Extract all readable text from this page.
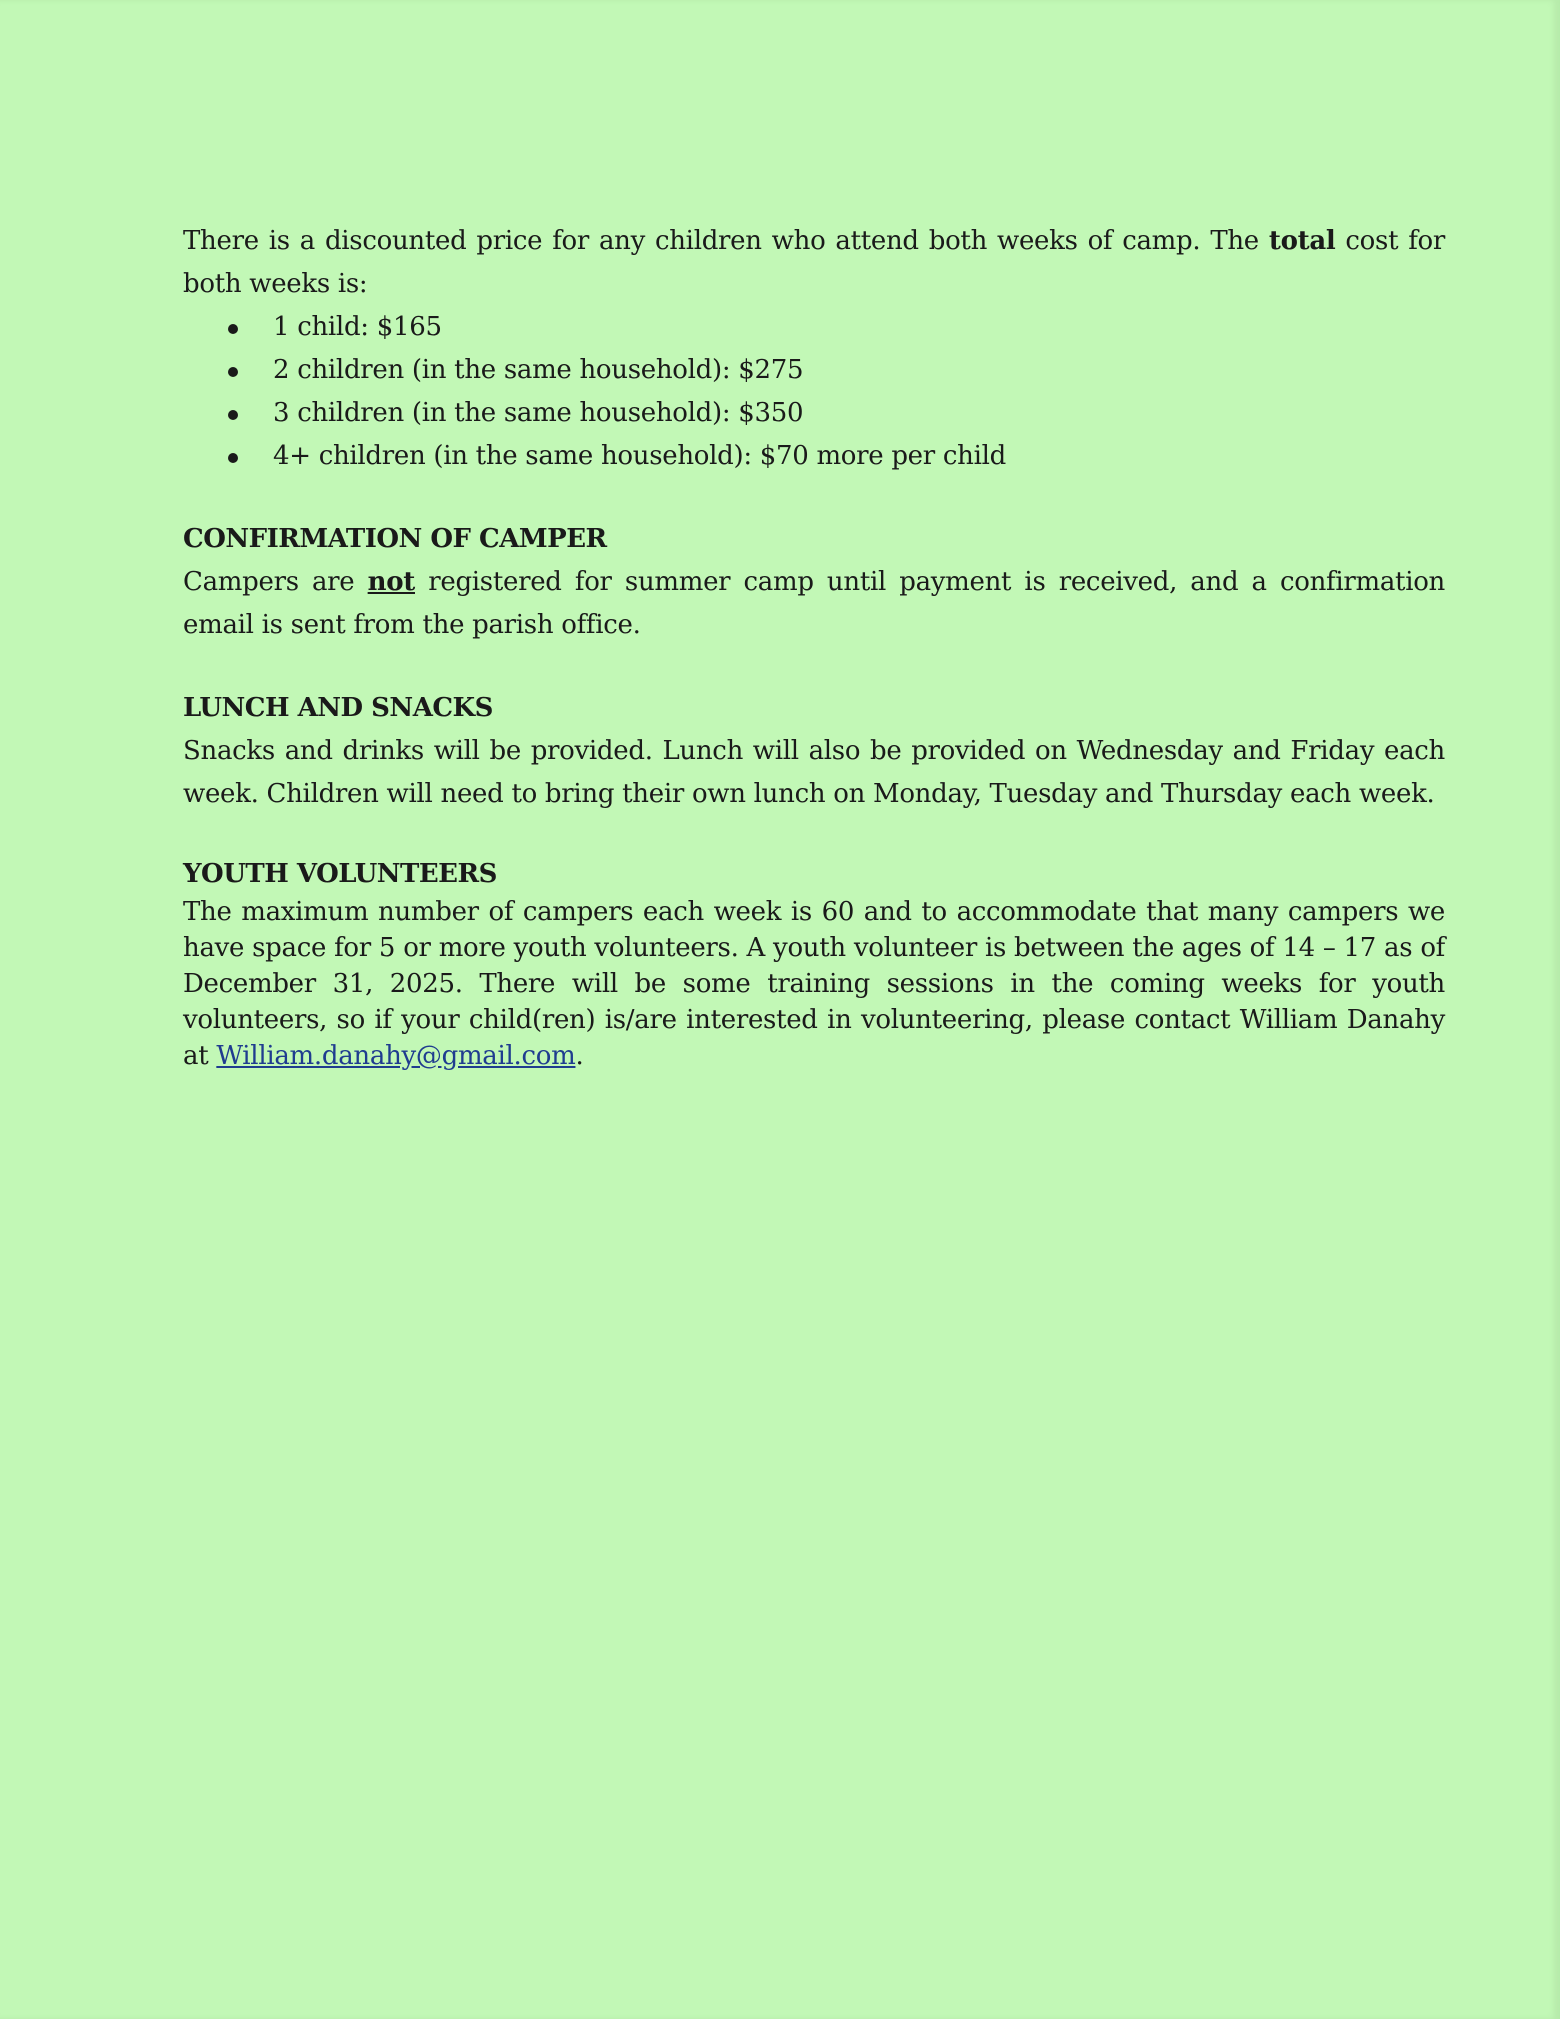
There is a discounted price for any children who attend both weeks of camp. The total cost for both weeks is:

1 child: $165
2 children (in the same household): $275
3 children (in the same household): $350
4+ children (in the same household): $70 more per child
CONFIRMATION OF CAMPER

Campers are not registered for summer camp until payment is received, and a confirmation email is sent from the parish office.

LUNCH AND SNACKS

Snacks and drinks will be provided. Lunch will also be provided on Wednesday and Friday each week. Children will need to bring their own lunch on Monday, Tuesday and Thursday each week.

YOUTH VOLUNTEERS

The maximum number of campers each week is 60 and to accommodate that many campers we have space for 5 or more youth volunteers. A youth volunteer is between the ages of 14 – 17 as of December 31, 2025. There will be some training sessions in the coming weeks for youth volunteers, so if your child(ren) is/are interested in volunteering, please contact William Danahy at William.danahy@gmail.com.
